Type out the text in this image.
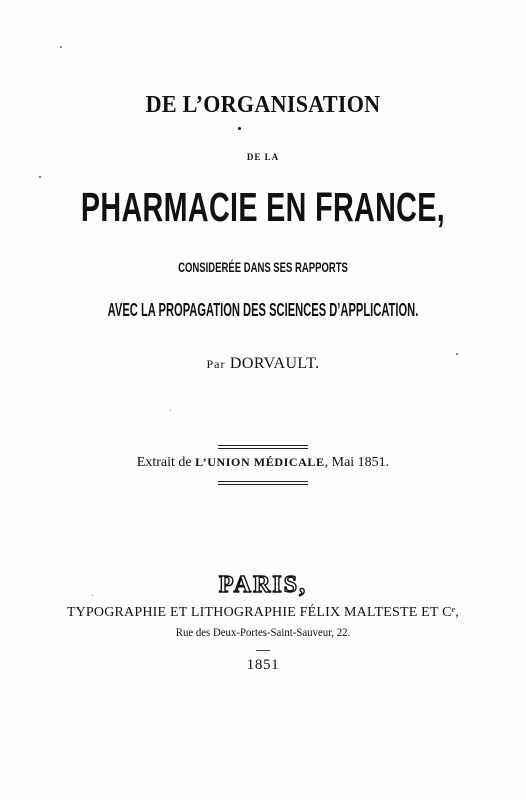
DE L’ORGANISATION
DE LA
PHARMACIE EN FRANCE,
CONSIDERÉE DANS SES RAPPORTS
AVEC LA PROPAGATION DES SCIENCES D’APPLICATION.
Par DORVAULT.
Extrait de L’UNION MÉDICALE, Mai 1851.
PARIS,
TYPOGRAPHIE ET LITHOGRAPHIE FÉLIX MALTESTE ET Cᵉ,
Rue des Deux-Portes-Saint-Sauveur, 22.
1851
